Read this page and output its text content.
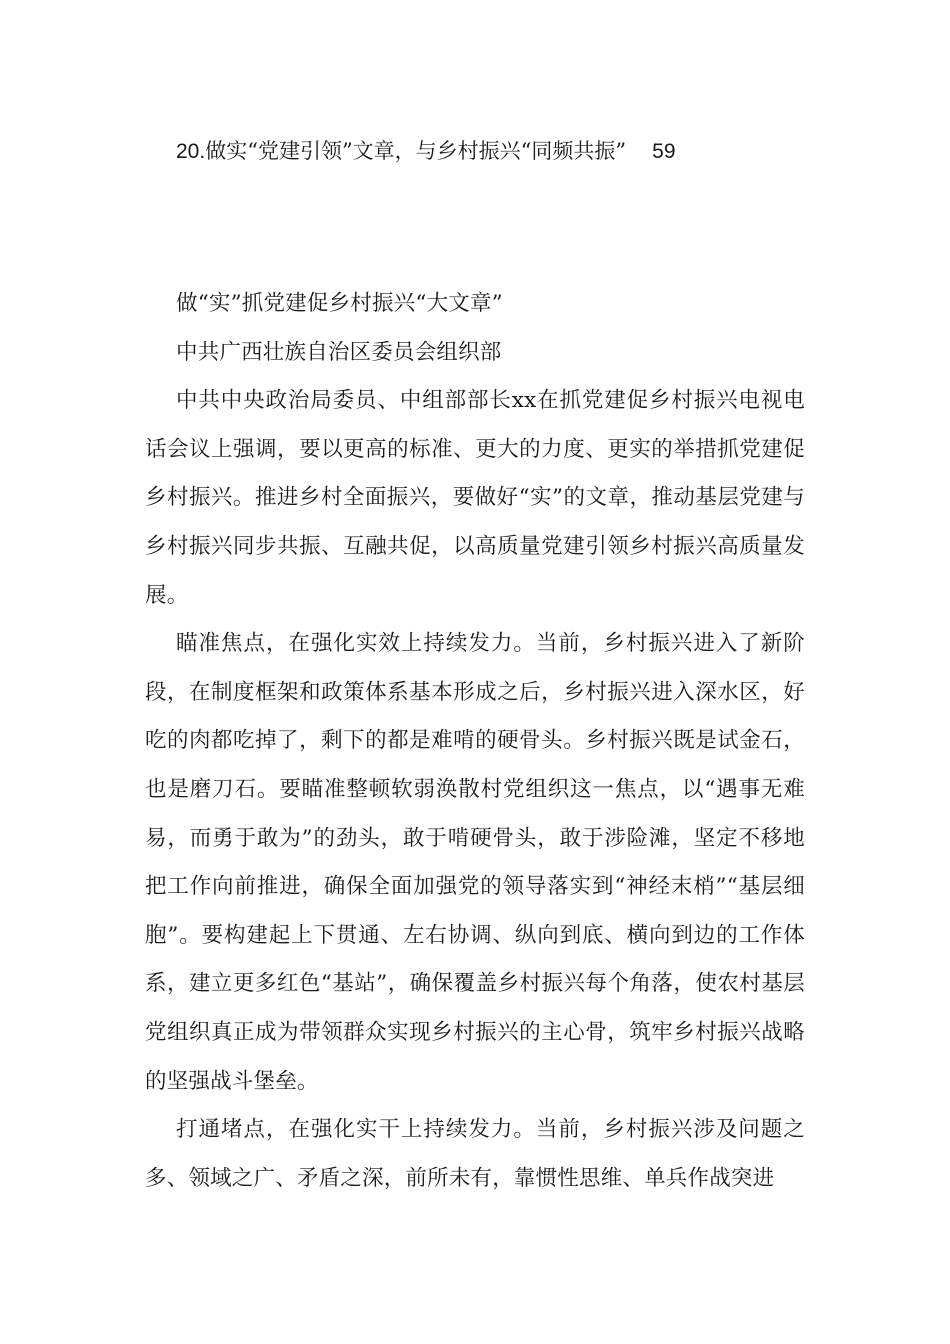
20.做实“党建引领”文章，与乡村振兴“同频共振” 59

做“实”抓党建促乡村振兴“大文章”

中共广西壮族自治区委员会组织部

中共中央政治局委员、中组部部长xx在抓党建促乡村振兴电视电话会议上强调，要以更高的标准、更大的力度、更实的举措抓党建促乡村振兴。推进乡村全面振兴，要做好“实”的文章，推动基层党建与乡村振兴同步共振、互融共促，以高质量党建引领乡村振兴高质量发展。

瞄准焦点，在强化实效上持续发力。当前，乡村振兴进入了新阶段，在制度框架和政策体系基本形成之后，乡村振兴进入深水区，好吃的肉都吃掉了，剩下的都是难啃的硬骨头。乡村振兴既是试金石，也是磨刀石。要瞄准整顿软弱涣散村党组织这一焦点，以“遇事无难易，而勇于敢为”的劲头，敢于啃硬骨头，敢于涉险滩，坚定不移地把工作向前推进，确保全面加强党的领导落实到“神经末梢”“基层细胞”。要构建起上下贯通、左右协调、纵向到底、横向到边的工作体系，建立更多红色“基站”，确保覆盖乡村振兴每个角落，使农村基层党组织真正成为带领群众实现乡村振兴的主心骨，筑牢乡村振兴战略的坚强战斗堡垒。

打通堵点，在强化实干上持续发力。当前，乡村振兴涉及问题之多、领域之广、矛盾之深，前所未有，靠惯性思维、单兵作战突进
